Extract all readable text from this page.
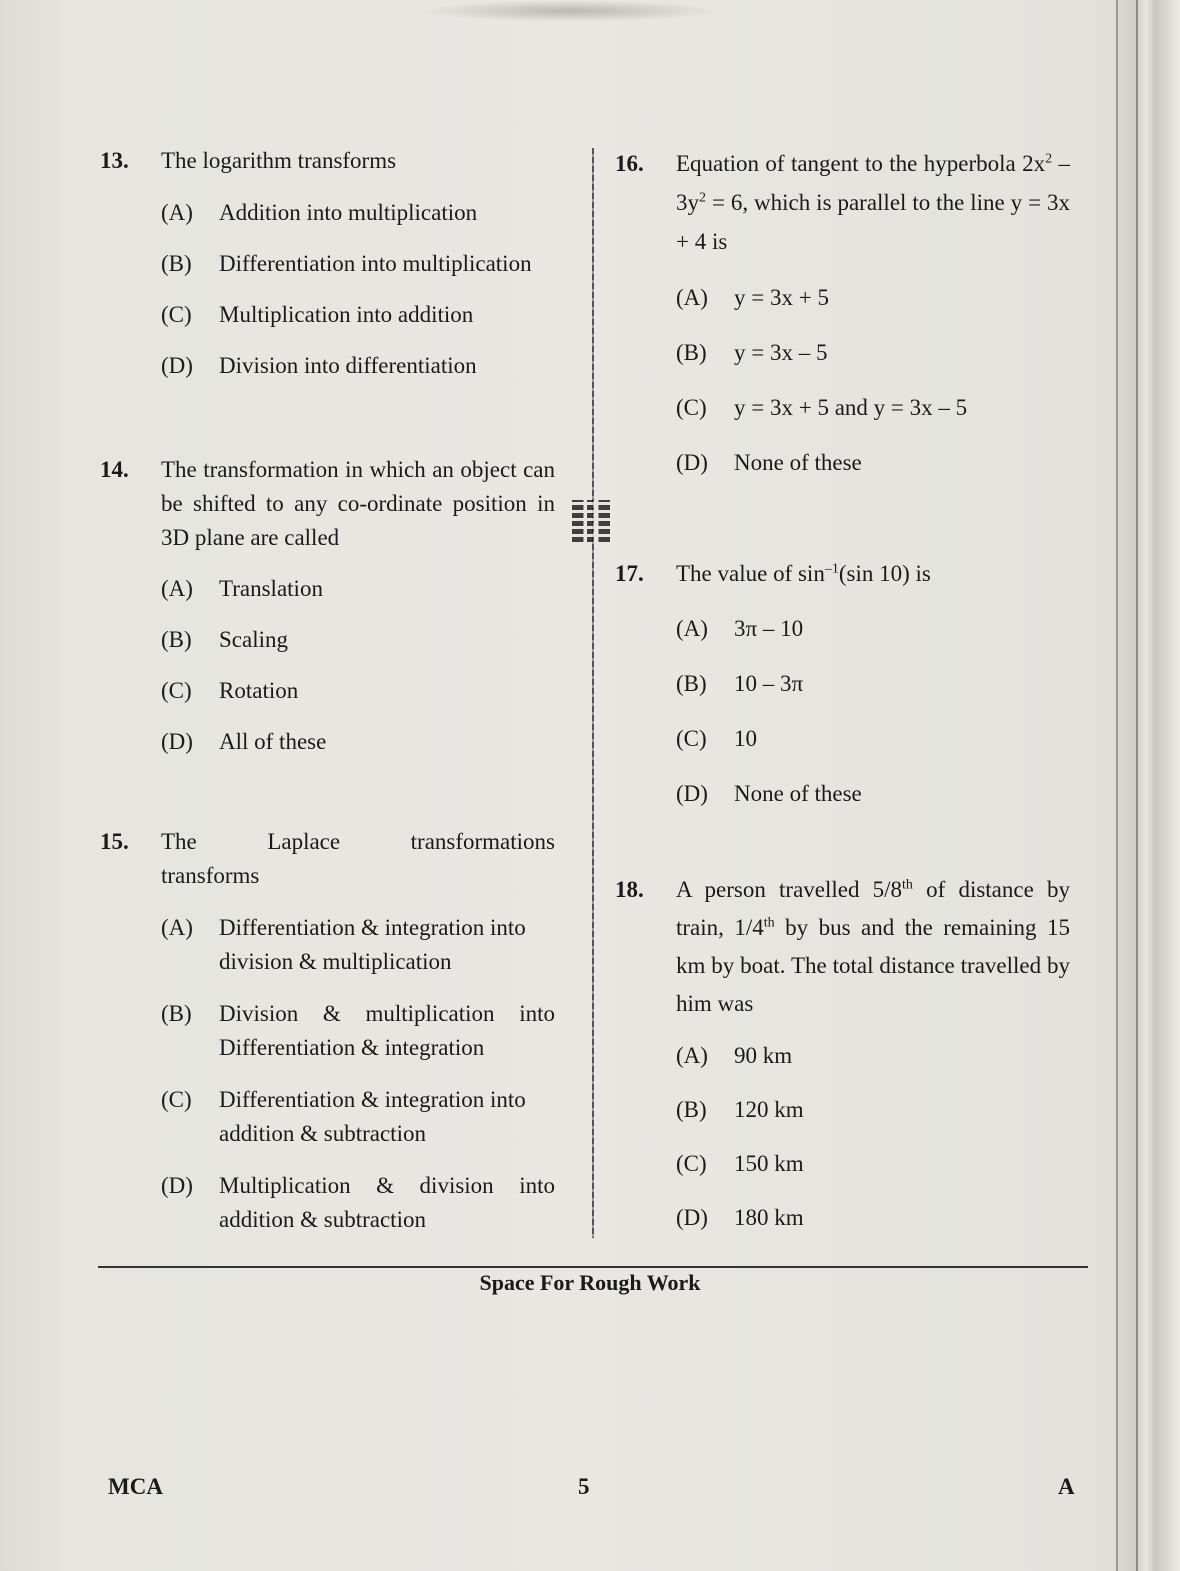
13.	The logarithm transforms
(A)	Addition into multiplication
(B)	Differentiation into multiplication
(C)	Multiplication into addition
(D)	Division into differentiation
14.	The transformation in which an object can be shifted to any co-ordinate position in 3D plane are called
(A)	Translation
(B)	Scaling
(C)	Rotation
(D)	All of these
15.	The Laplace transformations
transforms
(A)	Differentiation & integration into division & multiplication
(B)	Division & multiplication into Differentiation & integration
(C)	Differentiation & integration into addition & subtraction
(D)	Multiplication & division into addition & subtraction
16.	Equation of tangent to the hyperbola $2x^2 - 3y^2 = 6$, which is parallel to the line y = 3x + 4 is
(A)	y = 3x + 5
(B)	y = 3x – 5
(C)	y = 3x + 5 and y = 3x – 5
(D)	None of these
17.	The value of $\sin^{-1}(\sin$ 10) is
(A)	3π – 10
(B)	10 – 3π
(C)	10
(D)	None of these
18.	A person travelled 5/8th of distance by train, 1/4th by bus and the remaining 15 km by boat. The total distance travelled by him was
(A)	90 km
(B)	120 km
(C)	150 km
(D)	180 km
Space For Rough Work
MCA	5	A
